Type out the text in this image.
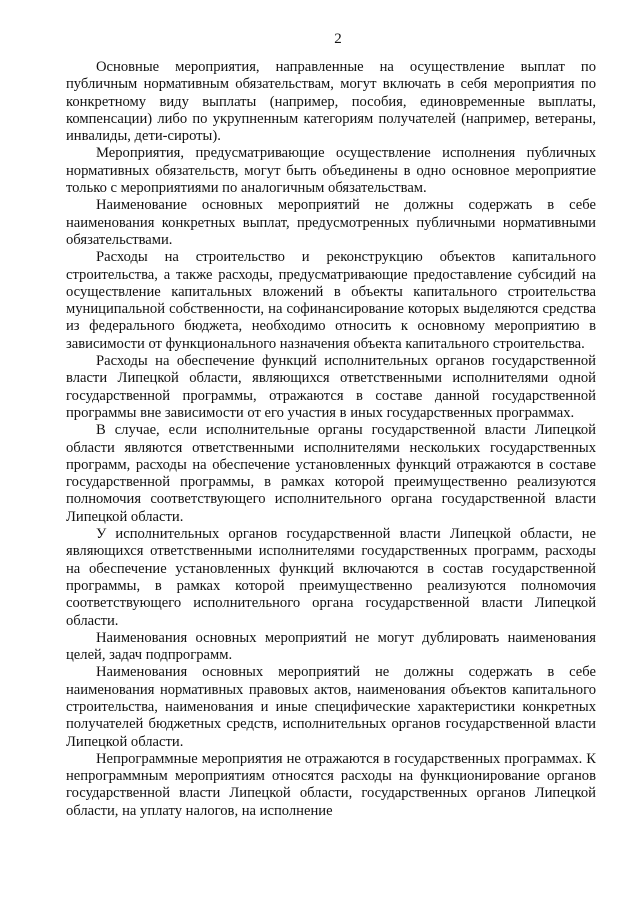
2

Основные мероприятия, направленные на осуществление выплат по публичным нормативным обязательствам, могут включать в себя мероприятия по конкретному виду выплаты (например, пособия, единовременные выплаты, компенсации) либо по укрупненным категориям получателей (например, ветераны, инвалиды, дети-сироты).

Мероприятия, предусматривающие осуществление исполнения публичных нормативных обязательств, могут быть объединены в одно основное мероприятие только с мероприятиями по аналогичным обязательствам.

Наименование основных мероприятий не должны содержать в себе наименования конкретных выплат, предусмотренных публичными нормативными обязательствами.

Расходы на строительство и реконструкцию объектов капитального строительства, а также расходы, предусматривающие предоставление субсидий на осуществление капитальных вложений в объекты капитального строительства муниципальной собственности, на софинансирование которых выделяются средства из федерального бюджета, необходимо относить к основному мероприятию в зависимости от функционального назначения объекта капитального строительства.

Расходы на обеспечение функций исполнительных органов государственной власти Липецкой области, являющихся ответственными исполнителями одной государственной программы, отражаются в составе данной государственной программы вне зависимости от его участия в иных государственных программах.

В случае, если исполнительные органы государственной власти Липецкой области являются ответственными исполнителями нескольких государственных программ, расходы на обеспечение установленных функций отражаются в составе государственной программы, в рамках которой преимущественно реализуются полномочия соответствующего исполнительного органа государственной власти Липецкой области.

У исполнительных органов государственной власти Липецкой области, не являющихся ответственными исполнителями государственных программ, расходы на обеспечение установленных функций включаются в состав государственной программы, в рамках которой преимущественно реализуются полномочия соответствующего исполнительного органа государственной власти Липецкой области.

Наименования основных мероприятий не могут дублировать наименования целей, задач подпрограмм.

Наименования основных мероприятий не должны содержать в себе наименования нормативных правовых актов, наименования объектов капитального строительства, наименования и иные специфические характеристики конкретных получателей бюджетных средств, исполнительных органов государственной власти Липецкой области.

Непрограммные мероприятия не отражаются в государственных программах. К непрограммным мероприятиям относятся расходы на функционирование органов государственной власти Липецкой области, государственных органов Липецкой области, на уплату налогов, на исполнение
